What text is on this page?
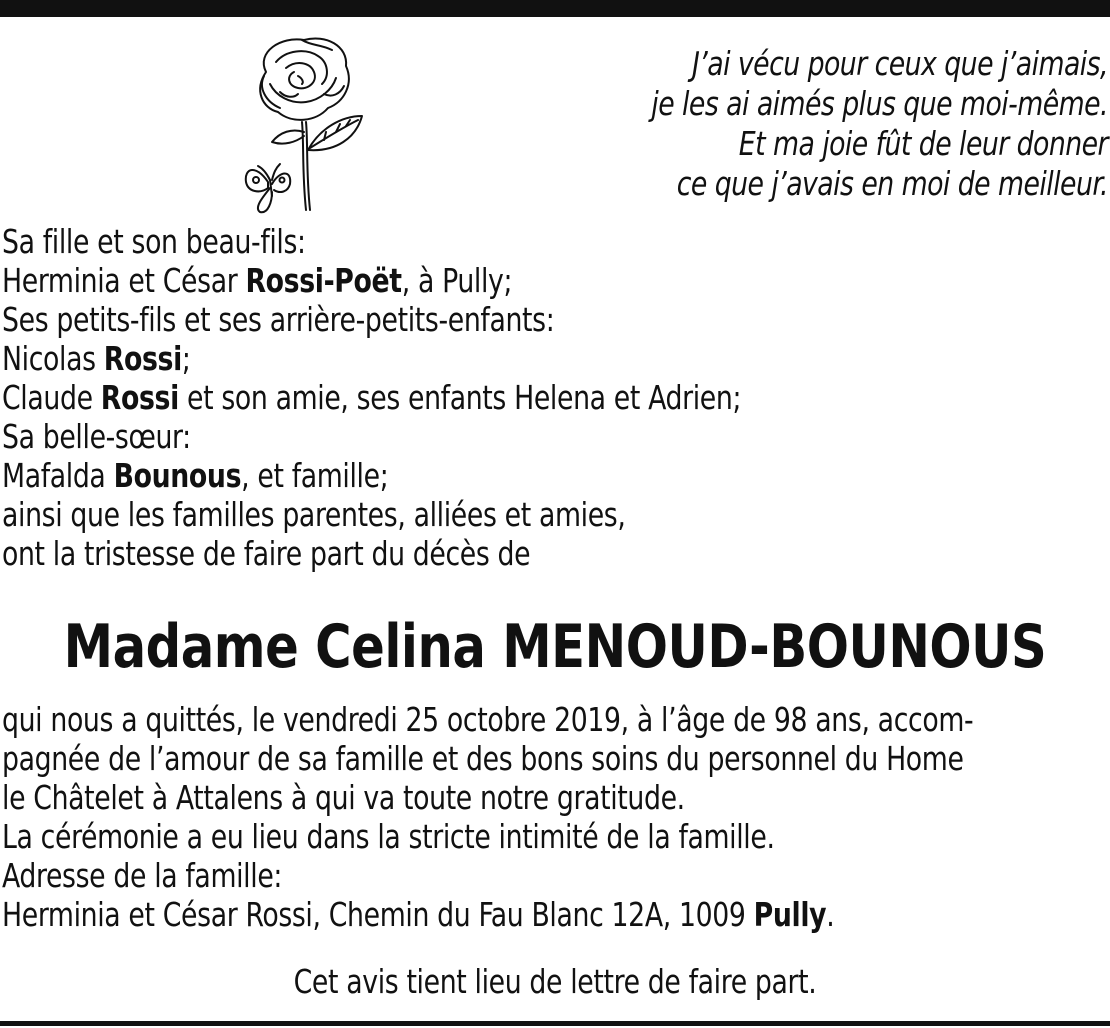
J’ai vécu pour ceux que j’aimais,
je les ai aimés plus que moi-même.
Et ma joie fût de leur donner
ce que j’avais en moi de meilleur.
Sa fille et son beau-fils:
Herminia et César Rossi-Poët, à Pully;
Ses petits-fils et ses arrière-petits-enfants:
Nicolas Rossi;
Claude Rossi et son amie, ses enfants Helena et Adrien;
Sa belle-sœur:
Mafalda Bounous, et famille;
ainsi que les familles parentes, alliées et amies,
ont la tristesse de faire part du décès de
Madame Celina MENOUD-BOUNOUS
qui nous a quittés, le vendredi 25 octobre 2019, à l’âge de 98 ans, accom-
pagnée de l’amour de sa famille et des bons soins du personnel du Home
le Châtelet à Attalens à qui va toute notre gratitude.
La cérémonie a eu lieu dans la stricte intimité de la famille.
Adresse de la famille:
Herminia et César Rossi, Chemin du Fau Blanc 12A, 1009 Pully.
Cet avis tient lieu de lettre de faire part.
